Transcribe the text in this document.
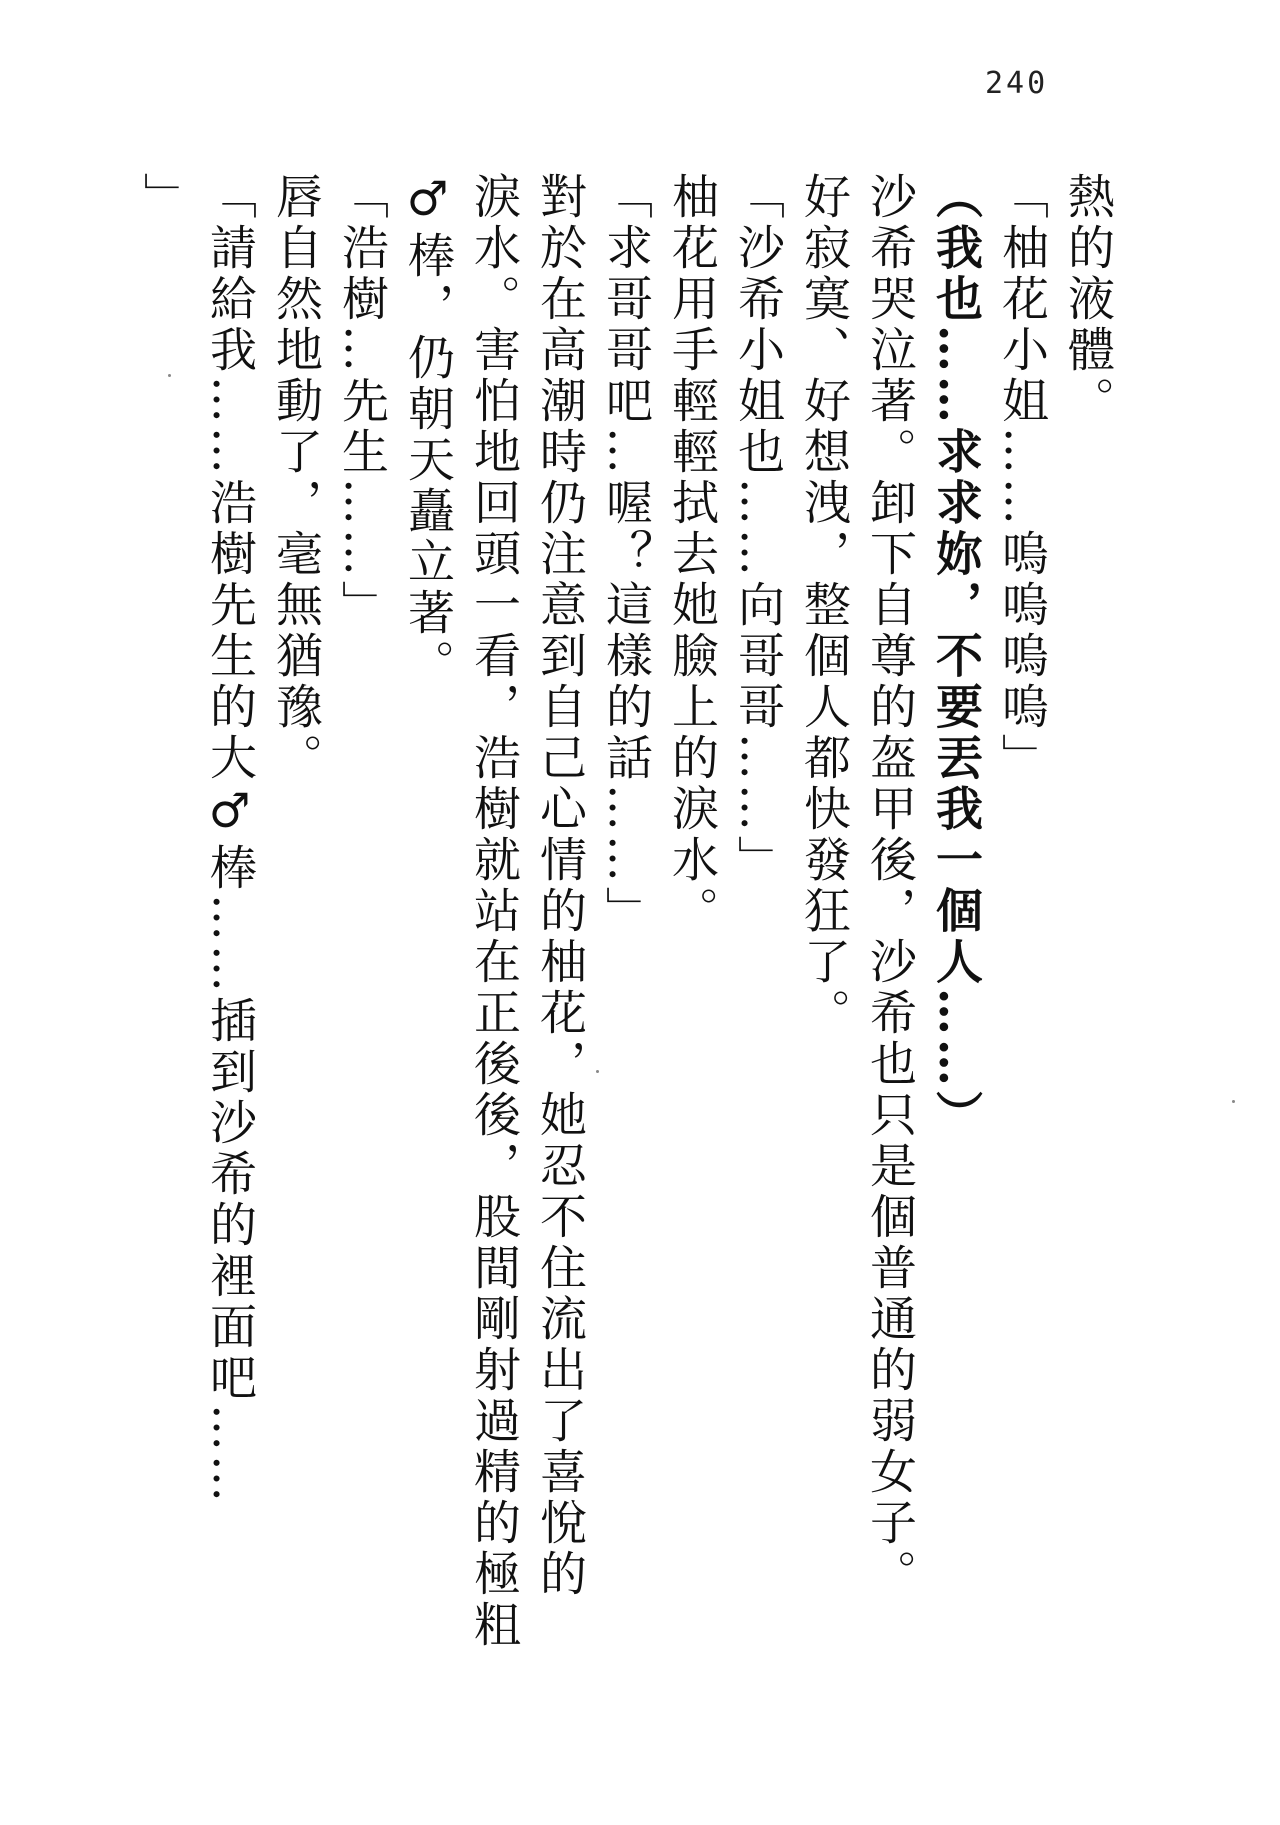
240
熱的液體。
「柚花小姐……嗚嗚嗚嗚」
（我也……求求妳，不要丟我一個人……）
沙希哭泣著。卸下自尊的盔甲後，沙希也只是個普通的弱女子。
好寂寞、好想洩，整個人都快發狂了。
「沙希小姐也……向哥哥……」
柚花用手輕輕拭去她臉上的淚水。
「求哥哥吧…喔？這樣的話……」
對於在高潮時仍注意到自己心情的柚花，她忍不住流出了喜悅的
淚水。害怕地回頭一看，浩樹就站在正後後，股間剛射過精的極粗
♂棒，仍朝天矗立著。
「浩樹…先生……」
唇自然地動了，毫無猶豫。
「請給我……浩樹先生的大♂棒……插到沙希的裡面吧……
」
